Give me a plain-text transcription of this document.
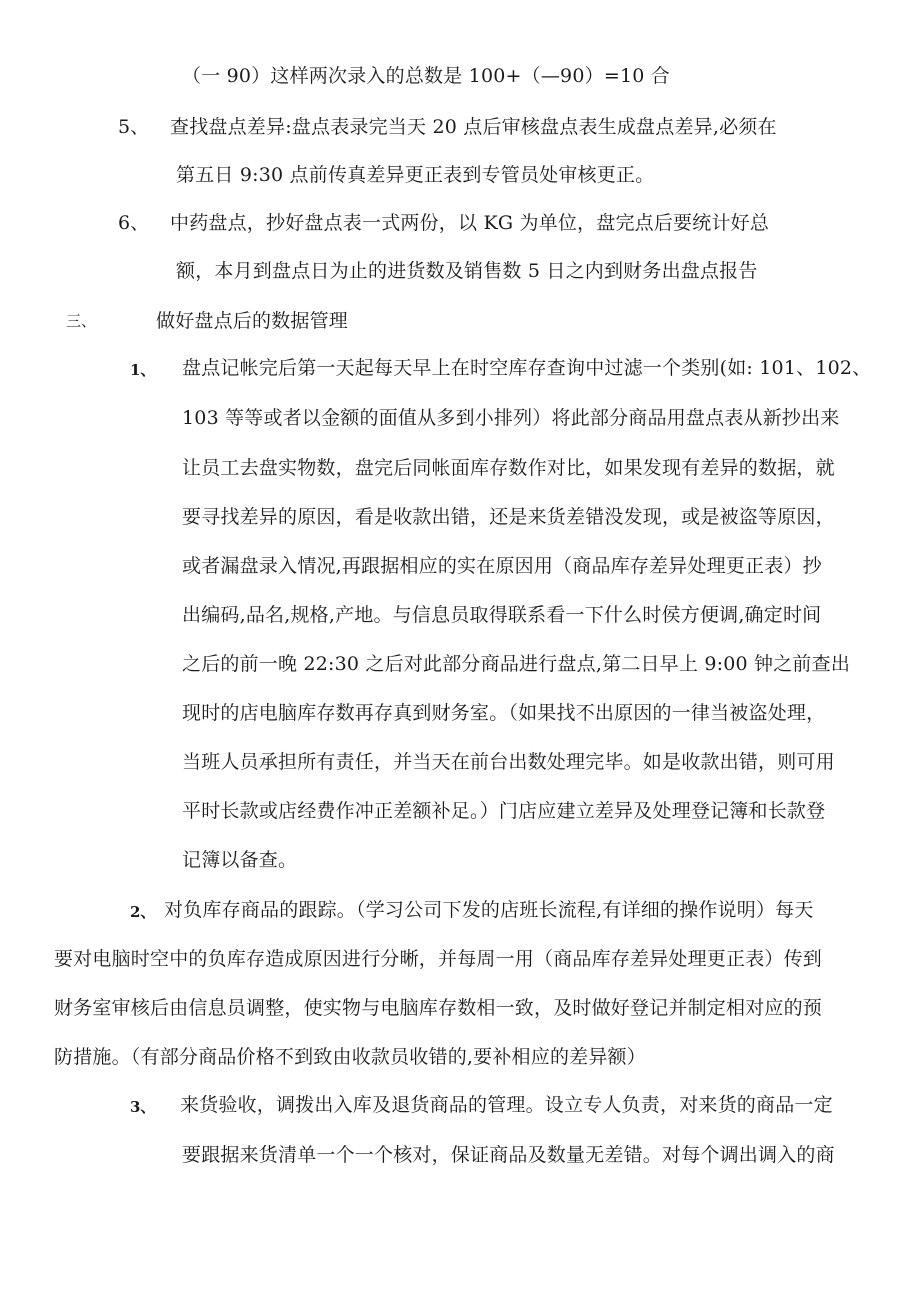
（一 90）这样两次录入的总数是 100+（—90）=10 合
5、 查找盘点差异:盘点表录完当天 20 点后审核盘点表生成盘点差异,必须在
第五日 9:30 点前传真差异更正表到专管员处审核更正。
6、 中药盘点，抄好盘点表一式两份，以 KG 为单位，盘完点后要统计好总
额，本月到盘点日为止的进货数及销售数 5 日之内到财务出盘点报告
三、	做好盘点后的数据管理
1、 盘点记帐完后第一天起每天早上在时空库存查询中过滤一个类别(如: 101、102、
103 等等或者以金额的面值从多到小排列）将此部分商品用盘点表从新抄出来
让员工去盘实物数，盘完后同帐面库存数作对比，如果发现有差异的数据，就
要寻找差异的原因，看是收款出错，还是来货差错没发现，或是被盗等原因，
或者漏盘录入情况,再跟据相应的实在原因用（商品库存差异处理更正表）抄
出编码,品名,规格,产地。与信息员取得联系看一下什么时侯方便调,确定时间
之后的前一晚 22:30 之后对此部分商品进行盘点,第二日早上 9:00 钟之前查出
现时的店电脑库存数再存真到财务室。（如果找不出原因的一律当被盗处理，
当班人员承担所有责任，并当天在前台出数处理完毕。如是收款出错，则可用
平时长款或店经费作冲正差额补足。）门店应建立差异及处理登记簿和长款登
记簿以备查。
2、 对负库存商品的跟踪。（学习公司下发的店班长流程,有详细的操作说明）每天
要对电脑时空中的负库存造成原因进行分晰，并每周一用（商品库存差异处理更正表）传到
财务室审核后由信息员调整，使实物与电脑库存数相一致，及时做好登记并制定相对应的预
防措施。（有部分商品价格不到致由收款员收错的,要补相应的差异额）
3、 来货验收，调拨出入库及退货商品的管理。设立专人负责，对来货的商品一定
要跟据来货清单一个一个核对，保证商品及数量无差错。对每个调出调入的商
